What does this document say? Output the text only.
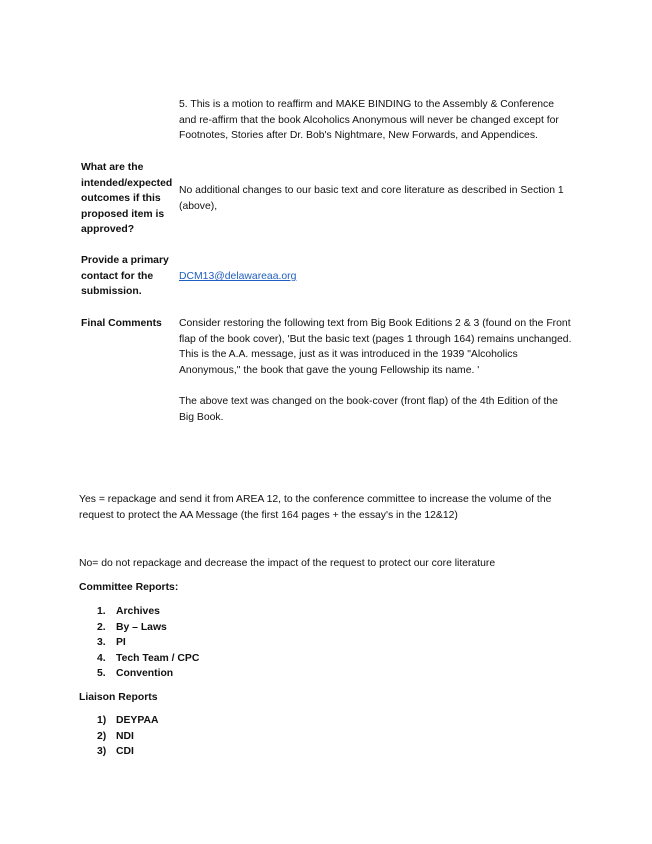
5. This is a motion to reaffirm and MAKE BINDING to the Assembly & Conference and re-affirm that the book Alcoholics Anonymous will never be changed except for Footnotes, Stories after Dr. Bob's Nightmare, New Forwards, and Appendices.
What are the intended/expected outcomes if this proposed item is approved?
No additional changes to our basic text and core literature as described in Section 1 (above),
Provide a primary contact for the submission.
DCM13@delawareaa.org
Final Comments	Consider restoring the following text from Big Book Editions 2 & 3 (found on the Front flap of the book cover), 'But the basic text (pages 1 through 164) remains unchanged. This is the A.A. message, just as it was introduced in the 1939 "Alcoholics Anonymous," the book that gave the young Fellowship its name. '
The above text was changed on the book-cover (front flap) of the 4th Edition of the Big Book.
Yes = repackage and send it from AREA 12, to the conference committee to increase the volume of the request to protect the AA Message (the first 164 pages + the essay's in the 12&12)
No= do not repackage and decrease the impact of the request to protect our core literature
Committee Reports:
1. Archives
2. By – Laws
3. PI
4. Tech Team / CPC
5. Convention
Liaison Reports
1) DEYPAA
2) NDI
3) CDI
